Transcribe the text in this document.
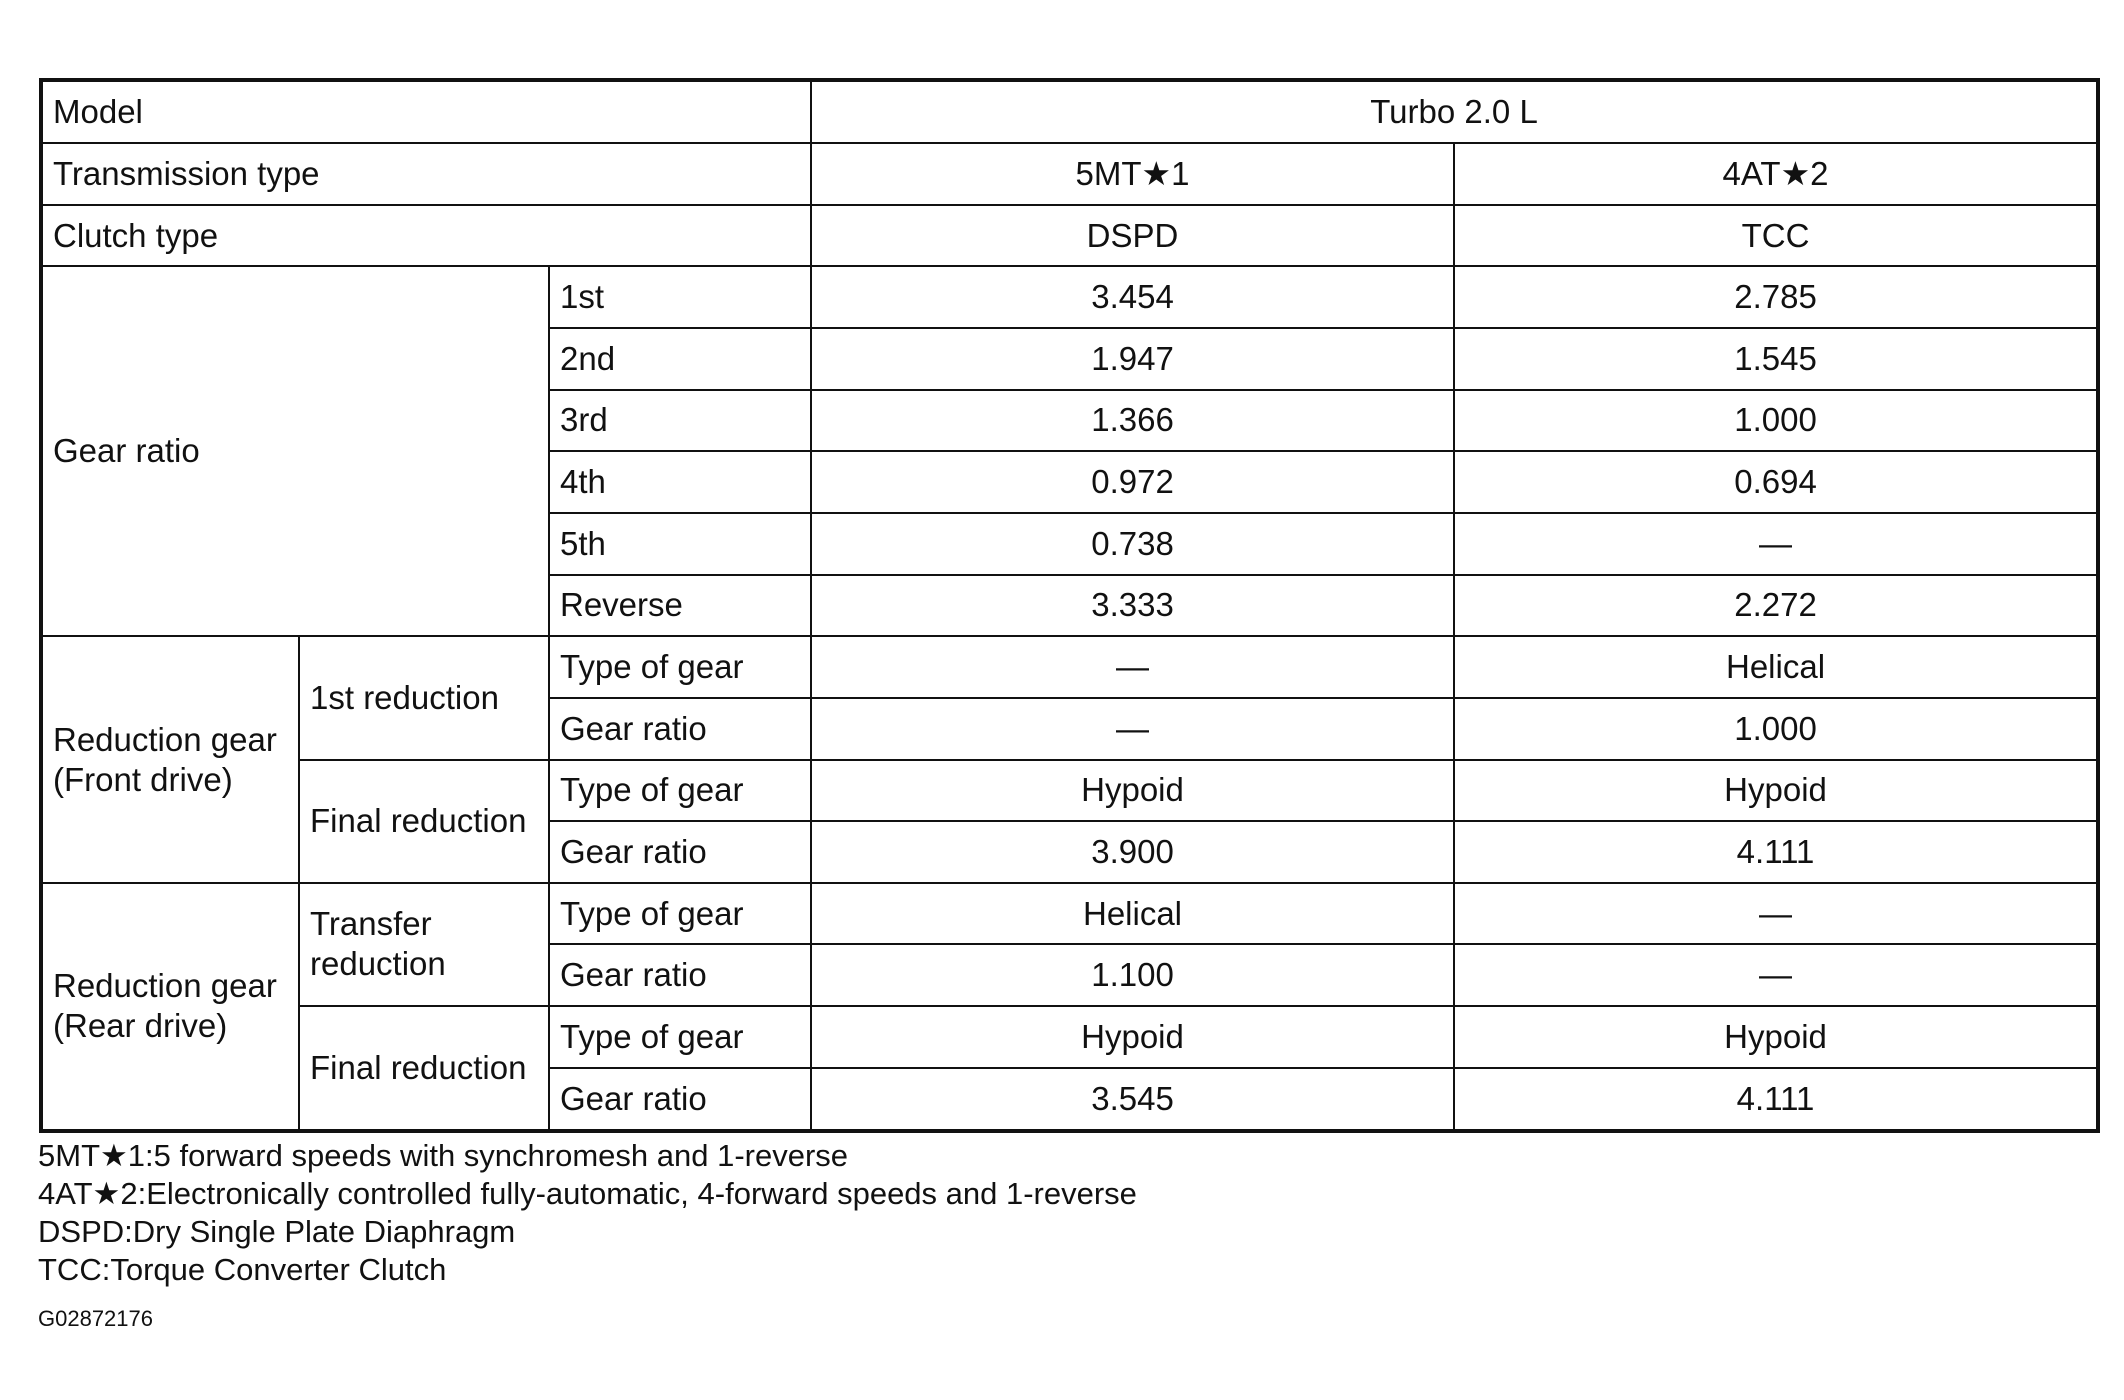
Model			Turbo 2.0 L	
Transmission type			5MT★1	4AT★2
Clutch type			DSPD	TCC
Gear ratio		1st	3.454	2.785
		2nd	1.947	1.545
		3rd	1.366	1.000
		4th	0.972	0.694
		5th	0.738	—
		Reverse	3.333	2.272
Reduction gear (Front drive)	1st reduction	Type of gear	—	Helical
		Gear ratio	—	1.000
	Final reduction	Type of gear	Hypoid	Hypoid
		Gear ratio	3.900	4.111
Reduction gear (Rear drive)	Transfer reduction	Type of gear	Helical	—
		Gear ratio	1.100	—
	Final reduction	Type of gear	Hypoid	Hypoid
		Gear ratio	3.545	4.111
5MT★1:5 forward speeds with synchromesh and 1-reverse
4AT★2:Electronically controlled fully-automatic, 4-forward speeds and 1-reverse
DSPD:Dry Single Plate Diaphragm
TCC:Torque Converter Clutch
G02872176
